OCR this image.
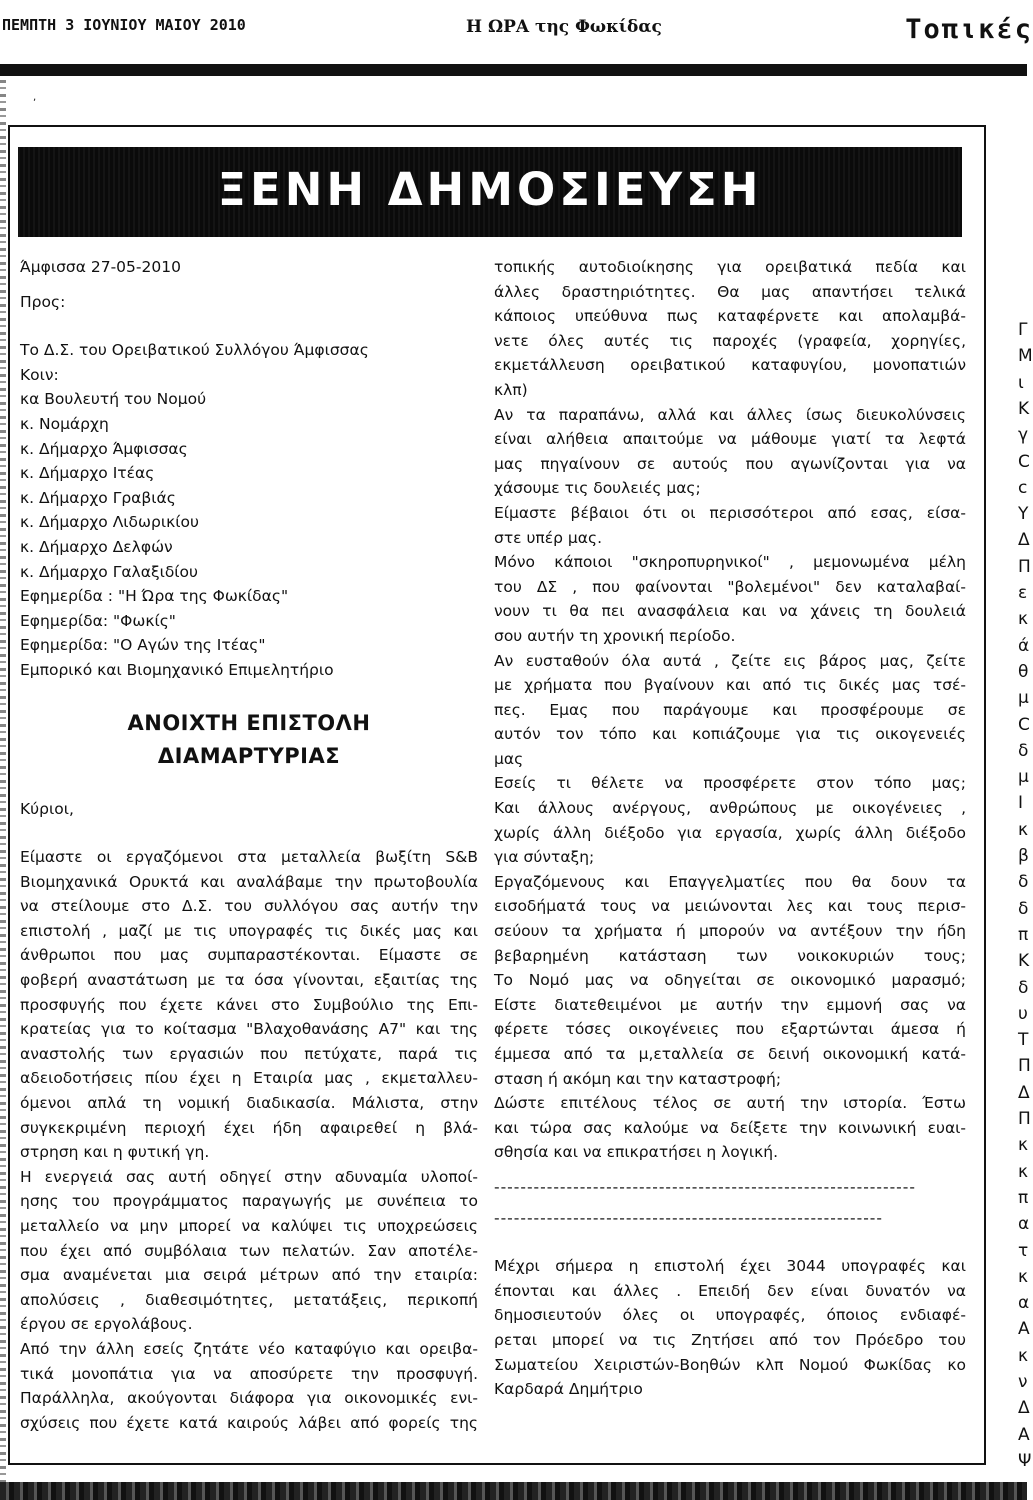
ΠΕΜΠΤΗ 3 ΙΟΥΝΙΟΥ ΜΑΙΟΥ 2010	Η ΩΡΑ της Φωκίδας	Τοπικές
,
Γ
Μ
ι
Κ
γ
C
c
Υ
Δ
Π
ε
κ
ά
θ
μ
C
δ
μ
Ι
κ
β
δ
δ
π
Κ
δ
υ
Τ
Π
Δ
Π
κ
κ
π
α
τ
κ
α
Α
κ
ν
Δ
Α
Ψ
ΞΕΝΗ ΔΗΜΟΣΙΕΥΣΗ
Άμφισσα 27-05-2010
Προς:
Το Δ.Σ. του Ορειβατικού Συλλόγου Άμφισσας
Κοιν:
κα Βουλευτή του Νομού
κ. Νομάρχη
κ. Δήμαρχο Άμφισσας
κ. Δήμαρχο Ιτέας
κ. Δήμαρχο Γραβιάς
κ. Δήμαρχο Λιδωρικίου
κ. Δήμαρχο Δελφών
κ. Δήμαρχο Γαλαξιδίου
Εφημερίδα : "Η Ώρα της Φωκίδας"
Εφημερίδα: "Φωκίς"
Εφημερίδα: "Ο Αγών της Ιτέας"
Εμπορικό και Βιομηχανικό Επιμελητήριο
ΑΝΟΙΧΤΗ ΕΠΙΣΤΟΛΗ
ΔΙΑΜΑΡΤΥΡΙΑΣ
Κύριοι,
Είμαστε οι εργαζόμενοι στα μεταλλεία βωξίτη S&B
Βιομηχανικά Ορυκτά και αναλάβαμε την πρωτοβουλία
να στείλουμε στο Δ.Σ. του συλλόγου σας αυτήν την
επιστολή , μαζί με τις υπογραφές τις δικές μας και
άνθρωποι που μας συμπαραστέκονται. Είμαστε σε
φοβερή αναστάτωση με τα όσα γίνονται, εξαιτίας της
προσφυγής που έχετε κάνει στο Συμβούλιο της Επι-
κρατείας για το κοίτασμα "Βλαχοθανάσης Α7" και της
αναστολής των εργασιών που πετύχατε, παρά τις
αδειοδοτήσεις πίου έχει η Εταιρία μας , εκμεταλλευ-
όμενοι απλά τη νομική διαδικασία. Μάλιστα, στην
συγκεκριμένη περιοχή έχει ήδη αφαιρεθεί η βλά-
στρηση και η φυτική γη.
Η ενεργειά σας αυτή οδηγεί στην αδυναμία υλοποί-
ησης του προγράμματος παραγωγής με συνέπεια το
μεταλλείο να μην μπορεί να καλύψει τις υποχρεώσεις
που έχει από συμβόλαια των πελατών. Σαν αποτέλε-
σμα αναμένεται μια σειρά μέτρων από την εταιρία:
απολύσεις , διαθεσιμότητες, μετατάξεις, περικοπή
έργου σε εργολάβους.
Από την άλλη εσείς ζητάτε νέο καταφύγιο και ορειβα-
τικά μονοπάτια για να αποσύρετε την προσφυγή.
Παράλληλα, ακούγονται διάφορα για οικονομικές ενι-
σχύσεις που έχετε κατά καιρούς λάβει από φορείς της
τοπικής αυτοδιοίκησης για ορειβατικά πεδία και
άλλες δραστηριότητες. Θα μας απαντήσει τελικά
κάποιος υπεύθυνα πως καταφέρνετε και απολαμβά-
νετε όλες αυτές τις παροχές (γραφεία, χορηγίες,
εκμετάλλευση ορειβατικού καταφυγίου, μονοπατιών
κλπ)
Αν τα παραπάνω, αλλά και άλλες ίσως διευκολύνσεις
είναι αλήθεια απαιτούμε να μάθουμε γιατί τα λεφτά
μας πηγαίνουν σε αυτούς που αγωνίζονται για να
χάσουμε τις δουλειές μας;
Είμαστε βέβαιοι ότι οι περισσότεροι από εσας, είσα-
στε υπέρ μας.
Μόνο κάποιοι "σκηροπυρηνικοί" , μεμονωμένα μέλη
του ΔΣ , που φαίνονται "βολεμένοι" δεν καταλαβαί-
νουν τι θα πει ανασφάλεια και να χάνεις τη δουλειά
σου αυτήν τη χρονική περίοδο.
Αν ευσταθούν όλα αυτά , ζείτε εις βάρος μας, ζείτε
με χρήματα που βγαίνουν και από τις δικές μας τσέ-
πες. Εμας που παράγουμε και προσφέρουμε σε
αυτόν τον τόπο και κοπιάζουμε για τις οικογενειές
μας
Εσείς τι θέλετε να προσφέρετε στον τόπο μας;
Και άλλους ανέργους, ανθρώπους με οικογένειες ,
χωρίς άλλη διέξοδο για εργασία, χωρίς άλλη διέξοδο
για σύνταξη;
Εργαζόμενους και Επαγγελματίες που θα δουν τα
εισοδήματά τους να μειώνονται λες και τους περισ-
σεύουν τα χρήματα ή μπορούν να αντέξουν την ήδη
βεβαρημένη κατάσταση των νοικοκυριών τους;
Το Νομό μας να οδηγείται σε οικονομικό μαρασμό;
Είστε διατεθειμένοι με αυτήν την εμμονή σας να
φέρετε τόσες οικογένειες που εξαρτώνται άμεσα ή
έμμεσα από τα μ,εταλλεία σε δεινή οικονομική κατά-
σταση ή ακόμη και την καταστροφή;
Δώστε επιτέλους τέλος σε αυτή την ιστορία. Έστω
και τώρα σας καλούμε να δείξετε την κοινωνική ευαι-
σθησία και να επικρατήσει η λογική.
----------------------------------------------------------------
-----------------------------------------------------------
Μέχρι σήμερα η επιστολή έχει 3044 υπογραφές και
έπονται και άλλες . Επειδή δεν είναι δυνατόν να
δημοσιευτούν όλες οι υπογραφές, όποιος ενδιαφέ-
ρεται μπορεί να τις Ζητήσει από τον Πρόεδρο του
Σωματείου Χειριστών-Βοηθών κλπ Νομού Φωκίδας κο
Καρδαρά Δημήτριο
